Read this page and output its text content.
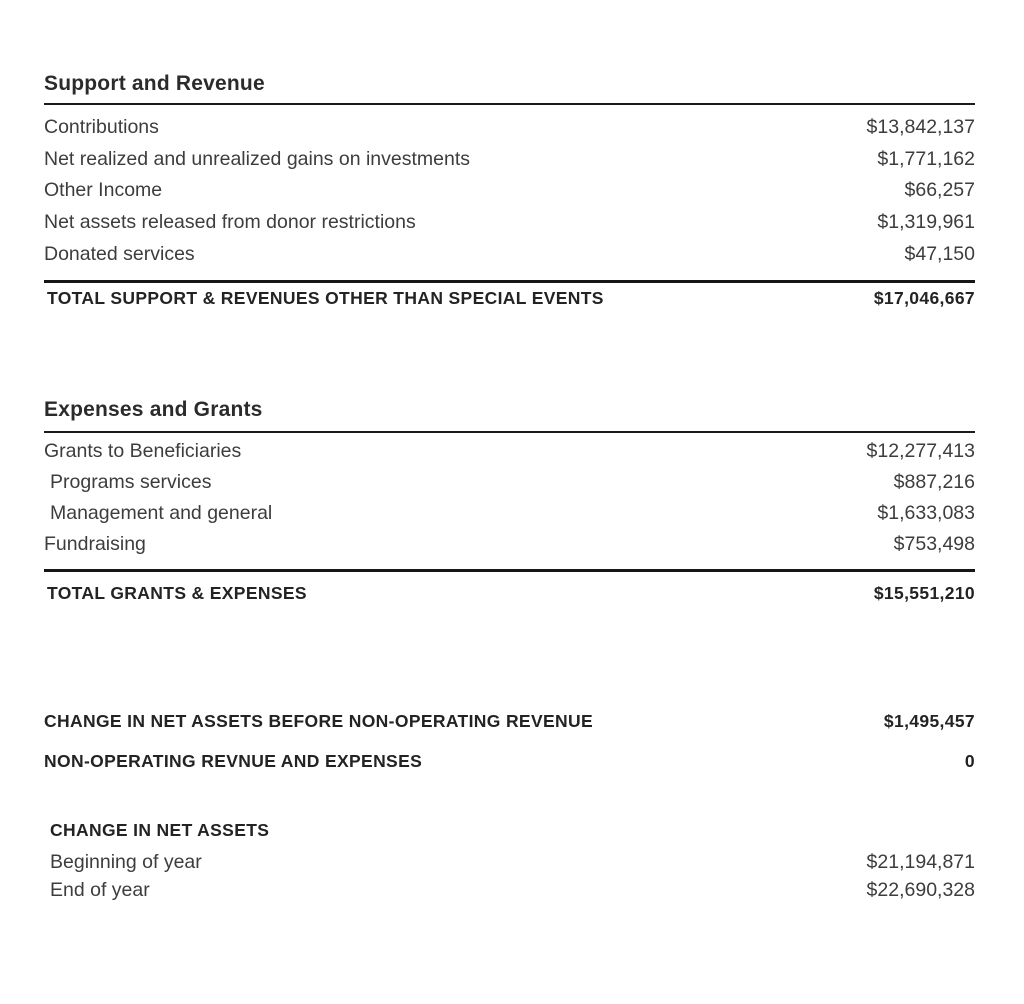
Support and Revenue
Contributions	$13,842,137
Net realized and unrealized gains on investments	$1,771,162
Other Income	$66,257
Net assets released from donor restrictions	$1,319,961
Donated services	$47,150
TOTAL SUPPORT & REVENUES OTHER THAN SPECIAL EVENTS	$17,046,667
Expenses and Grants
Grants to Beneficiaries	$12,277,413
Programs services	$887,216
Management and general	$1,633,083
Fundraising	$753,498
TOTAL GRANTS & EXPENSES	$15,551,210
CHANGE IN NET ASSETS BEFORE NON-OPERATING REVENUE	$1,495,457
NON-OPERATING REVNUE AND EXPENSES	0
CHANGE IN NET ASSETS
Beginning of year	$21,194,871
End of year	$22,690,328
